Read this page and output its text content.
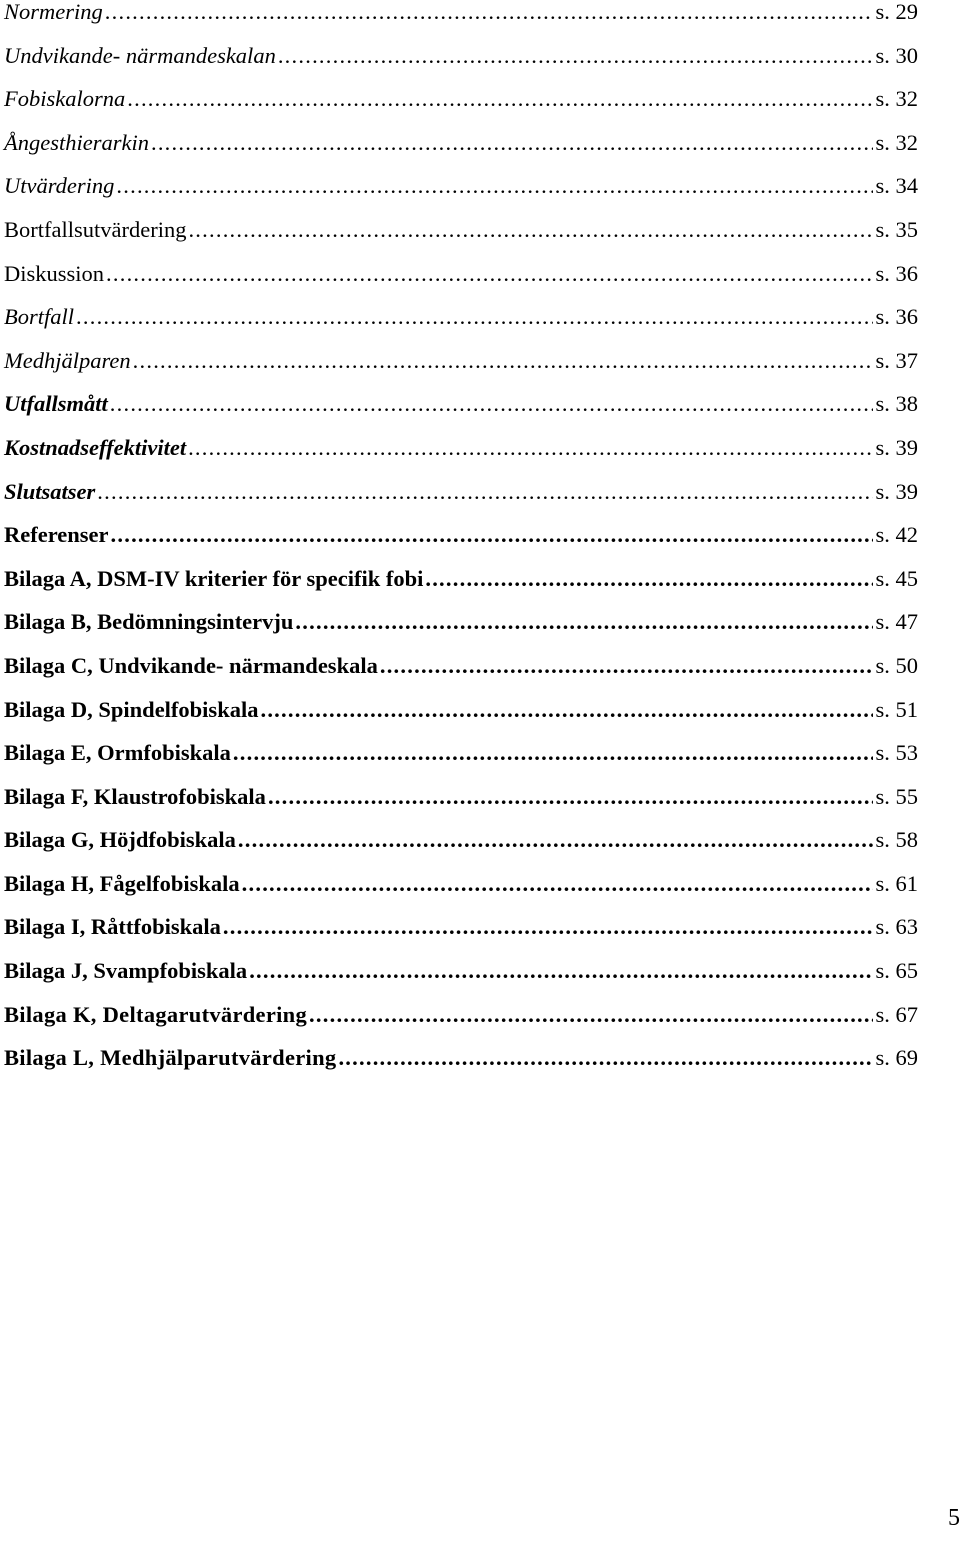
Normering . . .	s. 29
Undvikande- närmandeskalan . . .	s. 30
Fobiskalorna . . .	s. 32
Ångesthierarkin . . .	s. 32
Utvärdering . . .	s. 34
Bortfallsutvärdering . . .	s. 35
Diskussion . . .	s. 36
Bortfall . . .	s. 36
Medhjälparen . . .	s. 37
Utfallsmått . . .	s. 38
Kostnadseffektivitet . . .	s. 39
Slutsatser . . .	s. 39
Referenser . . .	s. 42
Bilaga A, DSM-IV kriterier för specifik fobi . . .	s. 45
Bilaga B, Bedömningsintervju . . .	s. 47
Bilaga C, Undvikande- närmandeskala . . .	s. 50
Bilaga D, Spindelfobiskala . . .	s. 51
Bilaga E, Ormfobiskala . . .	s. 53
Bilaga F, Klaustrofobiskala . . .	s. 55
Bilaga G, Höjdfobiskala . . .	s. 58
Bilaga H, Fågelfobiskala . . .	s. 61
Bilaga I, Råttfobiskala . . .	s. 63
Bilaga J, Svampfobiskala . . .	s. 65
Bilaga K, Deltagarutvärdering . . .	s. 67
Bilaga L, Medhjälparutvärdering . . .	s. 69
5
